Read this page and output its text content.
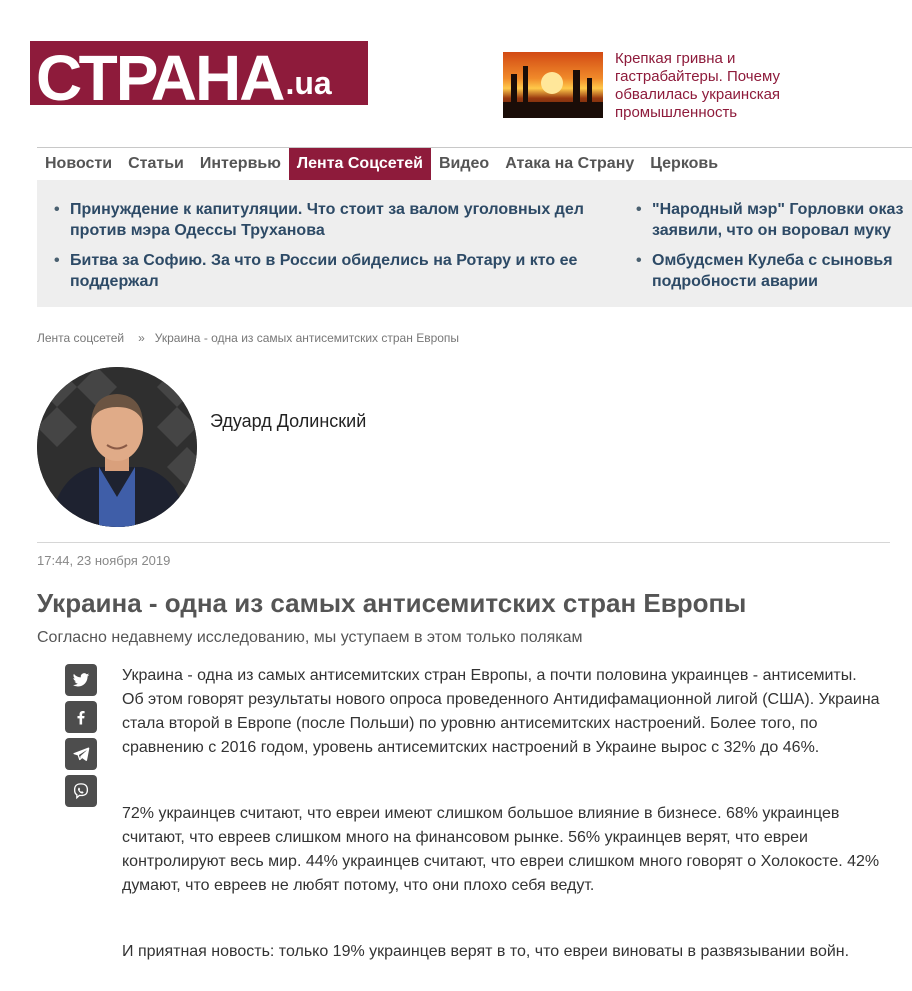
СТРАНА .ua
Крепкая гривна и гастрабайтеры. Почему обвалилась украинская промышленность
Новости	Статьи	Интервью	Лента Соцсетей	Видео	Атака на Страну	Церковь
• Принуждение к капитуляции. Что стоит за валом уголовных дел против мэра Одессы Труханова
• "Народный мэр" Горловки оказ заявили, что он воровал муку
• Битва за Софию. За что в России обиделись на Ротару и кто ее поддержал
• Омбудсмен Кулеба с сыновья подробности аварии
Лента соцсетей » Украина - одна из самых антисемитских стран Европы
Эдуард Долинский
17:44, 23 ноября 2019
Украина - одна из самых антисемитских стран Европы
Согласно недавнему исследованию, мы уступаем в этом только полякам

Украина - одна из самых антисемитских стран Европы, а почти половина украинцев - антисемиты. Об этом говорят результаты нового опроса проведенного Антидифамационной лигой (США). Украина стала второй в Европе (после Польши) по уровню антисемитских настроений. Более того, по сравнению с 2016 годом, уровень антисемитских настроений в Украине вырос с 32% до 46%.

72% украинцев считают, что евреи имеют слишком большое влияние в бизнесе. 68% украинцев считают, что евреев слишком много на финансовом рынке. 56% украинцев верят, что евреи контролируют весь мир. 44% украинцев считают, что евреи слишком много говорят о Холокосте. 42% думают, что евреев не любят потому, что они плохо себя ведут.

И приятная новость: только 19% украинцев верят в то, что евреи виноваты в развязывании войн.
